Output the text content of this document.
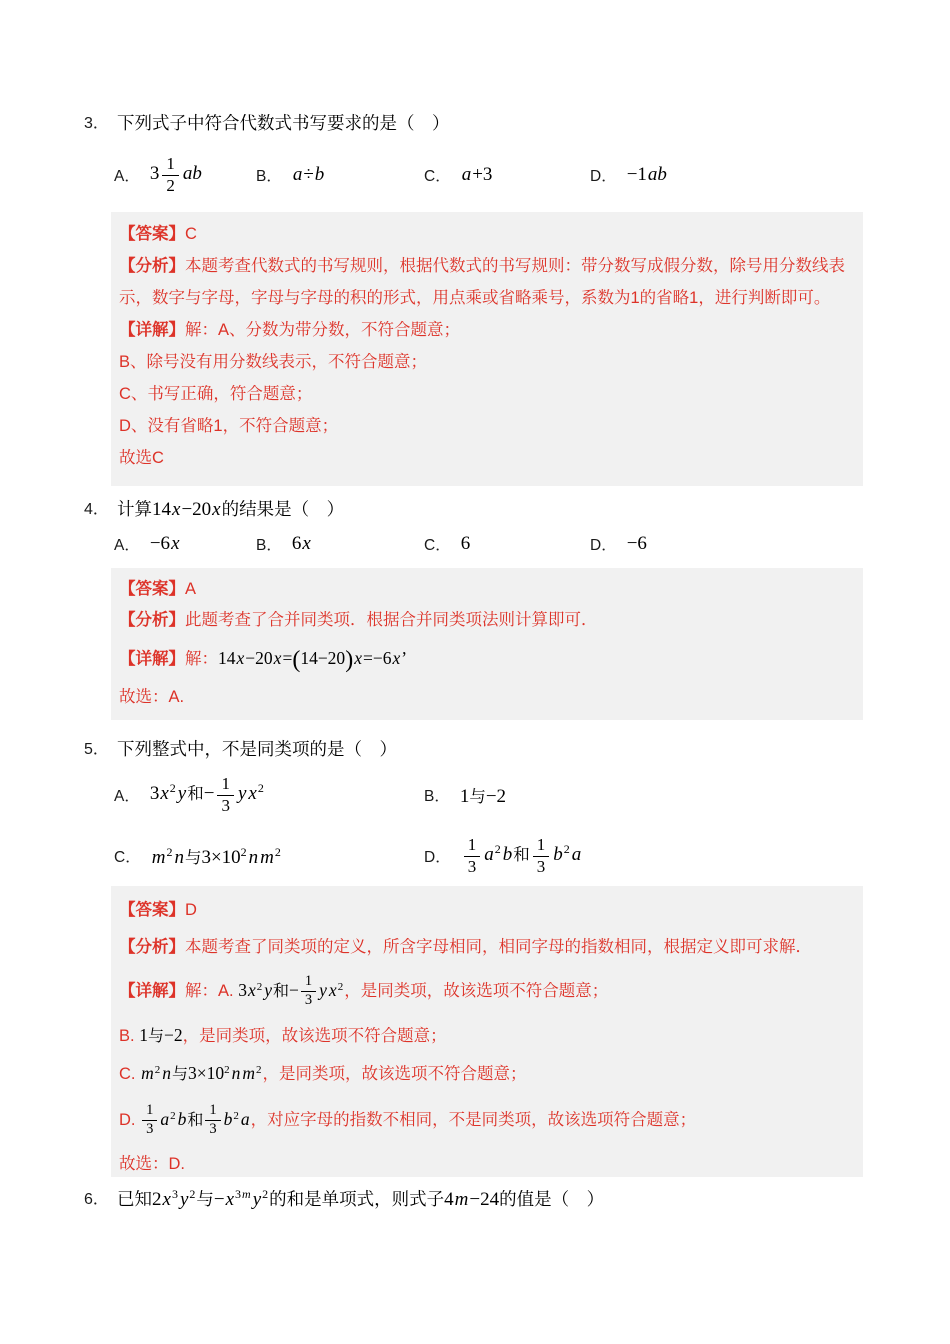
3． 下列式子中符合代数式书写要求的是（　）
A． $3 \frac{1}{2}$ ab	B． a÷b	C． a+3	D． −1ab
【答案】C
【分析】本题考查代数式的书写规则，根据代数式的书写规则：带分数写成假分数，除号用分数线表
示，数字与字母，字母与字母的积的形式，用点乘或省略乘号，系数为1的省略1，进行判断即可。
【详解】解：A、分数为带分数，不符合题意；
B、除号没有用分数线表示，不符合题意；
C、书写正确，符合题意；
D、没有省略1，不符合题意；
故选C
4． 计算14x−20x的结果是（　）
A． −6x	B． 6x	C． 6	D． −6
【答案】A
【分析】此题考查了合并同类项．根据合并同类项法则计算即可．
【详解】解：14x−20x=(14−20)x=−6x’
故选：A.
5． 下列整式中，不是同类项的是（　）
A． $3x^2$ y和− $\frac{1}{3}$ y $x^2$	B． 1与−2
C． $m^2$ n与$3\times 10^2$ n $m^2$	D． $\frac{1}{3} a^2$ b和 $\frac{1}{3} b^2$ a
【答案】D
【分析】本题考查了同类项的定义，所含字母相同，相同字母的指数相同，根据定义即可求解．
【详解】解：A. $3x^2$ y和− $\frac{1}{3}$ y $x^2$，是同类项，故该选项不符合题意；
B. 1与−2，是同类项，故该选项不符合题意；
C. $m^2$ n与$3\times 10^2$ n $m^2$，是同类项，故该选项不符合题意；
D. $\frac{1}{3} a^2$ b和 $\frac{1}{3} b^2$ a，对应字母的指数不相同，不是同类项，故该选项符合题意；
故选：D.
6． 已知$2x^3$ $y^2$与$-x^{3m}$ $y^2$的和是单项式，则式子4m−24的值是（　）
